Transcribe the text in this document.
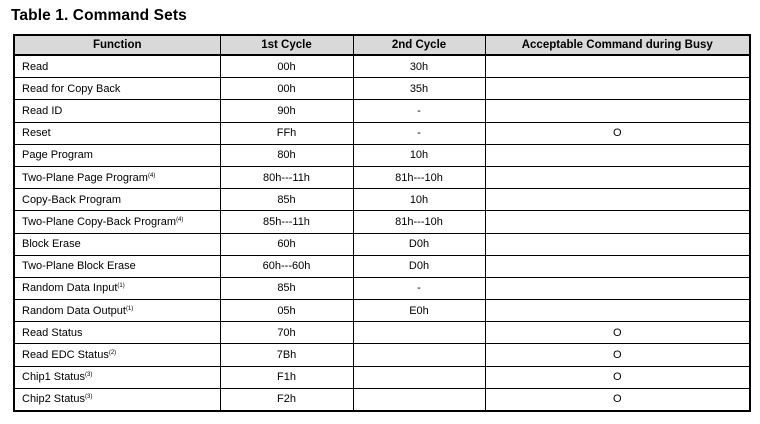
Table 1. Command Sets
Function	1st Cycle	2nd Cycle	Acceptable Command during Busy
Read	00h	30h	
Read for Copy Back	00h	35h	
Read ID	90h	-	
Reset	FFh	-	O
Page Program	80h	10h	
Two-Plane Page Program$^{(4)}$	80h---11h	81h---10h	
Copy-Back Program	85h	10h	
Two-Plane Copy-Back Program$^{(4)}$	85h---11h	81h---10h	
Block Erase	60h	D0h	
Two-Plane Block Erase	60h---60h	D0h	
Random Data Input$^{(1)}$	85h	-	
Random Data Output$^{(1)}$	05h	E0h	
Read Status	70h		O
Read EDC Status$^{(2)}$	7Bh		O
Chip1 Status$^{(3)}$	F1h		O
Chip2 Status$^{(3)}$	F2h		O
